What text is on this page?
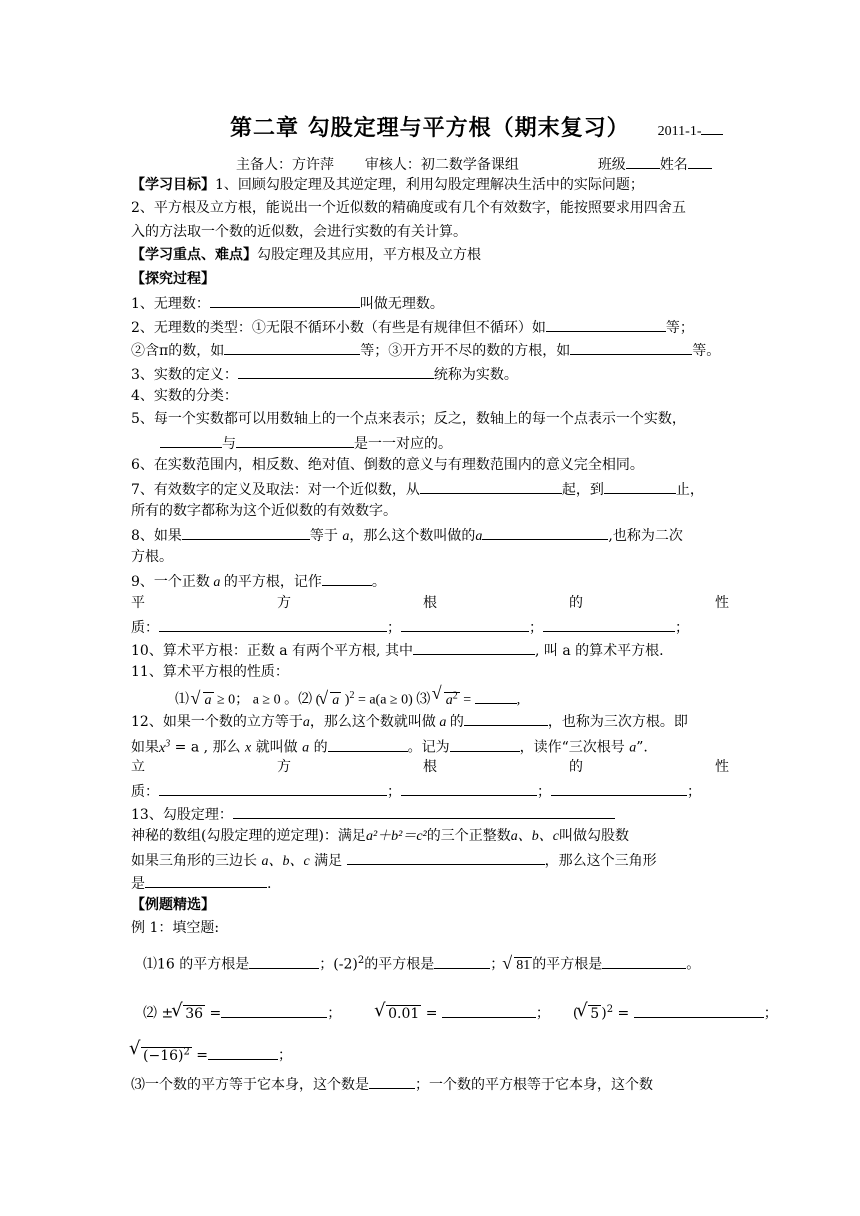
第二章 勾股定理与平方根（期末复习） 2011-1-
主备人：方许萍 审核人：初二数学备课组	班级 姓名
【学习目标】1、回顾勾股定理及其逆定理，利用勾股定理解决生活中的实际问题；
2、平方根及立方根，能说出一个近似数的精确度或有几个有效数字，能按照要求用四舍五
入的方法取一个数的近似数，会进行实数的有关计算。
【学习重点、难点】勾股定理及其应用，平方根及立方根
【探究过程】
1、无理数：	叫做无理数。
2、无理数的类型：①无限不循环小数（有些是有规律但不循环）如	等；
②含π的数，如	等；③开方开不尽的数的方根，如	等。
3、实数的定义：	统称为实数。
4、实数的分类：
5、每一个实数都可以用数轴上的一个点来表示；反之，数轴上的每一个点表示一个实数，
与	是一一对应的。
6、在实数范围内，相反数、绝对值、倒数的意义与有理数范围内的意义完全相同。
7、有效数字的定义及取法：对一个近似数，从	起，到	止，
所有的数字都称为这个近似数的有效数字。
8、如果	等于 a，那么这个数叫做的a	,也称为二次
方根。
9、一个正数 a 的平方根，记作	。
平	方	根	的	性
质：	；	；	；
10、算术平方根：正数 a 有两个平方根, 其中	, 叫 a 的算术平方根.
11、算术平方根的性质：
⑴ √ a ≥ 0； a ≥ 0 。⑵ ( √ a )$^2$ = a(a ≥ 0) ⑶ √ $a^2$ =	,
12、如果一个数的立方等于a，那么这个数就叫做 a 的	，也称为三次方根。即
如果$x^3 = a$ , 那么 x 就叫做 a 的	。记为	，读作“三次根号 a”.
立	方	根	的	性
质：	；	；	；
13、勾股定理：
神秘的数组(勾股定理的逆定理)：满足a²＋b²＝c²的三个正整数a、b、c叫做勾股数
如果三角形的三边长 a、b、c 满足	，那么这个三角形
是	.
【例题精选】
例 1：填空题:
⑴16 的平方根是	；$(-2)^2$的平方根是	； √ 81 的平方根是	。
⑵ ± √ 36 =	；	√ 0.01 =	；  ( √ 5 )$^2$ =	；
√ $(-16)^2$ =	；
⑶一个数的平方等于它本身，这个数是	；一个数的平方根等于它本身，这个数
